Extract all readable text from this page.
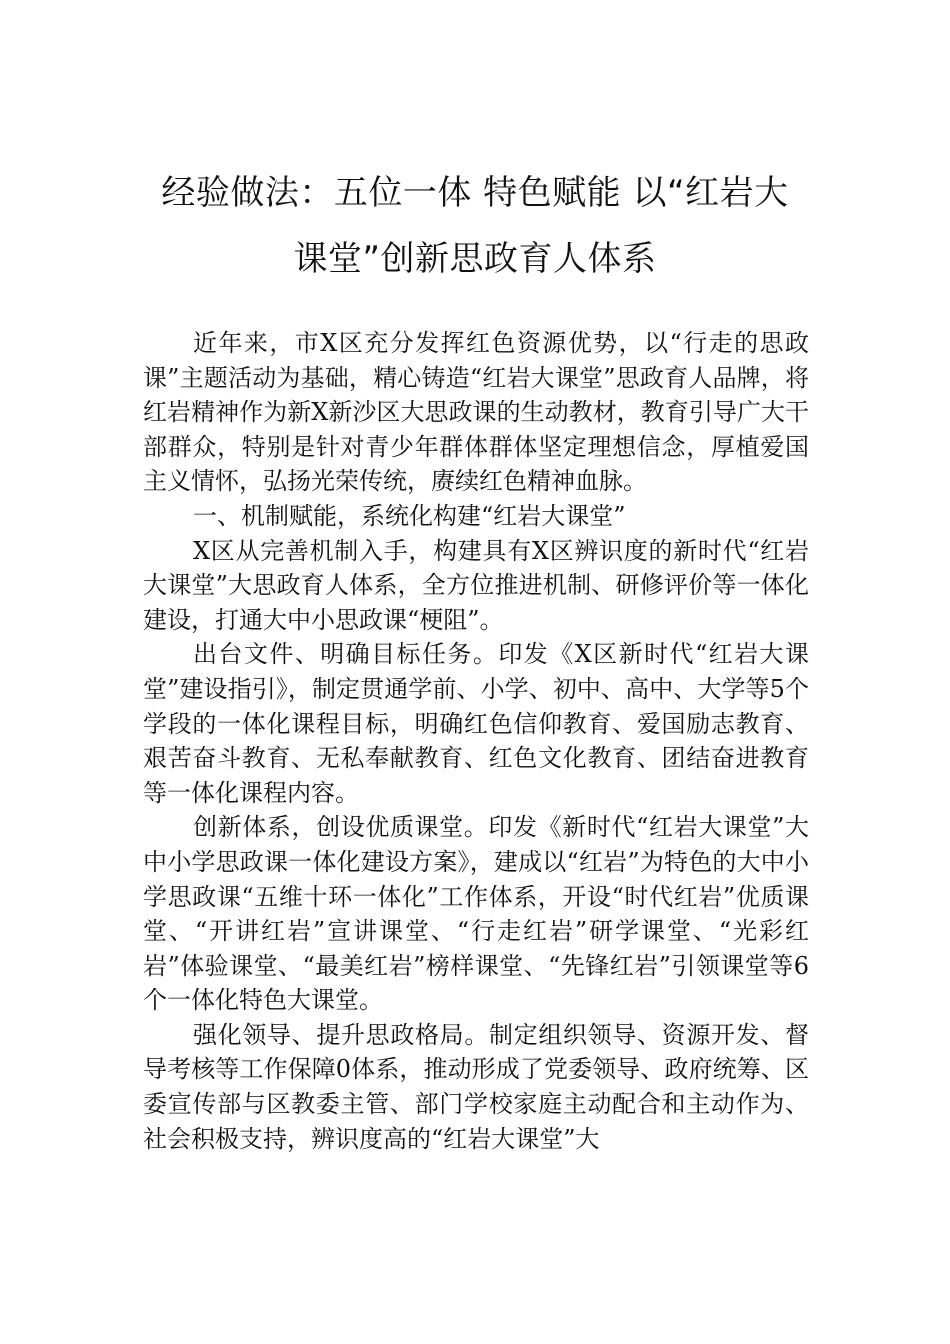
经验做法：五位一体 特色赋能 以“红岩大
课堂”创新思政育人体系

近年来，市X区充分发挥红色资源优势，以“行走的思政课”主题活动为基础，精心铸造“红岩大课堂”思政育人品牌，将红岩精神作为新X新沙区大思政课的生动教材，教育引导广大干部群众，特别是针对青少年群体群体坚定理想信念，厚植爱国主义情怀，弘扬光荣传统，赓续红色精神血脉。

一、机制赋能，系统化构建“红岩大课堂”

X区从完善机制入手，构建具有X区辨识度的新时代“红岩大课堂”大思政育人体系，全方位推进机制、研修评价等一体化建设，打通大中小思政课“梗阻”。

出台文件、明确目标任务。印发《X区新时代“红岩大课堂”建设指引》，制定贯通学前、小学、初中、高中、大学等5个学段的一体化课程目标，明确红色信仰教育、爱国励志教育、艰苦奋斗教育、无私奉献教育、红色文化教育、团结奋进教育等一体化课程内容。

创新体系，创设优质课堂。印发《新时代“红岩大课堂”大中小学思政课一体化建设方案》，建成以“红岩”为特色的大中小学思政课“五维十环一体化”工作体系，开设“时代红岩”优质课堂、“开讲红岩”宣讲课堂、“行走红岩”研学课堂、“光彩红岩”体验课堂、“最美红岩”榜样课堂、“先锋红岩”引领课堂等6个一体化特色大课堂。

强化领导、提升思政格局。制定组织领导、资源开发、督导考核等工作保障0体系，推动形成了党委领导、政府统筹、区委宣传部与区教委主管、部门学校家庭主动配合和主动作为、社会积极支持，辨识度高的“红岩大课堂”大
